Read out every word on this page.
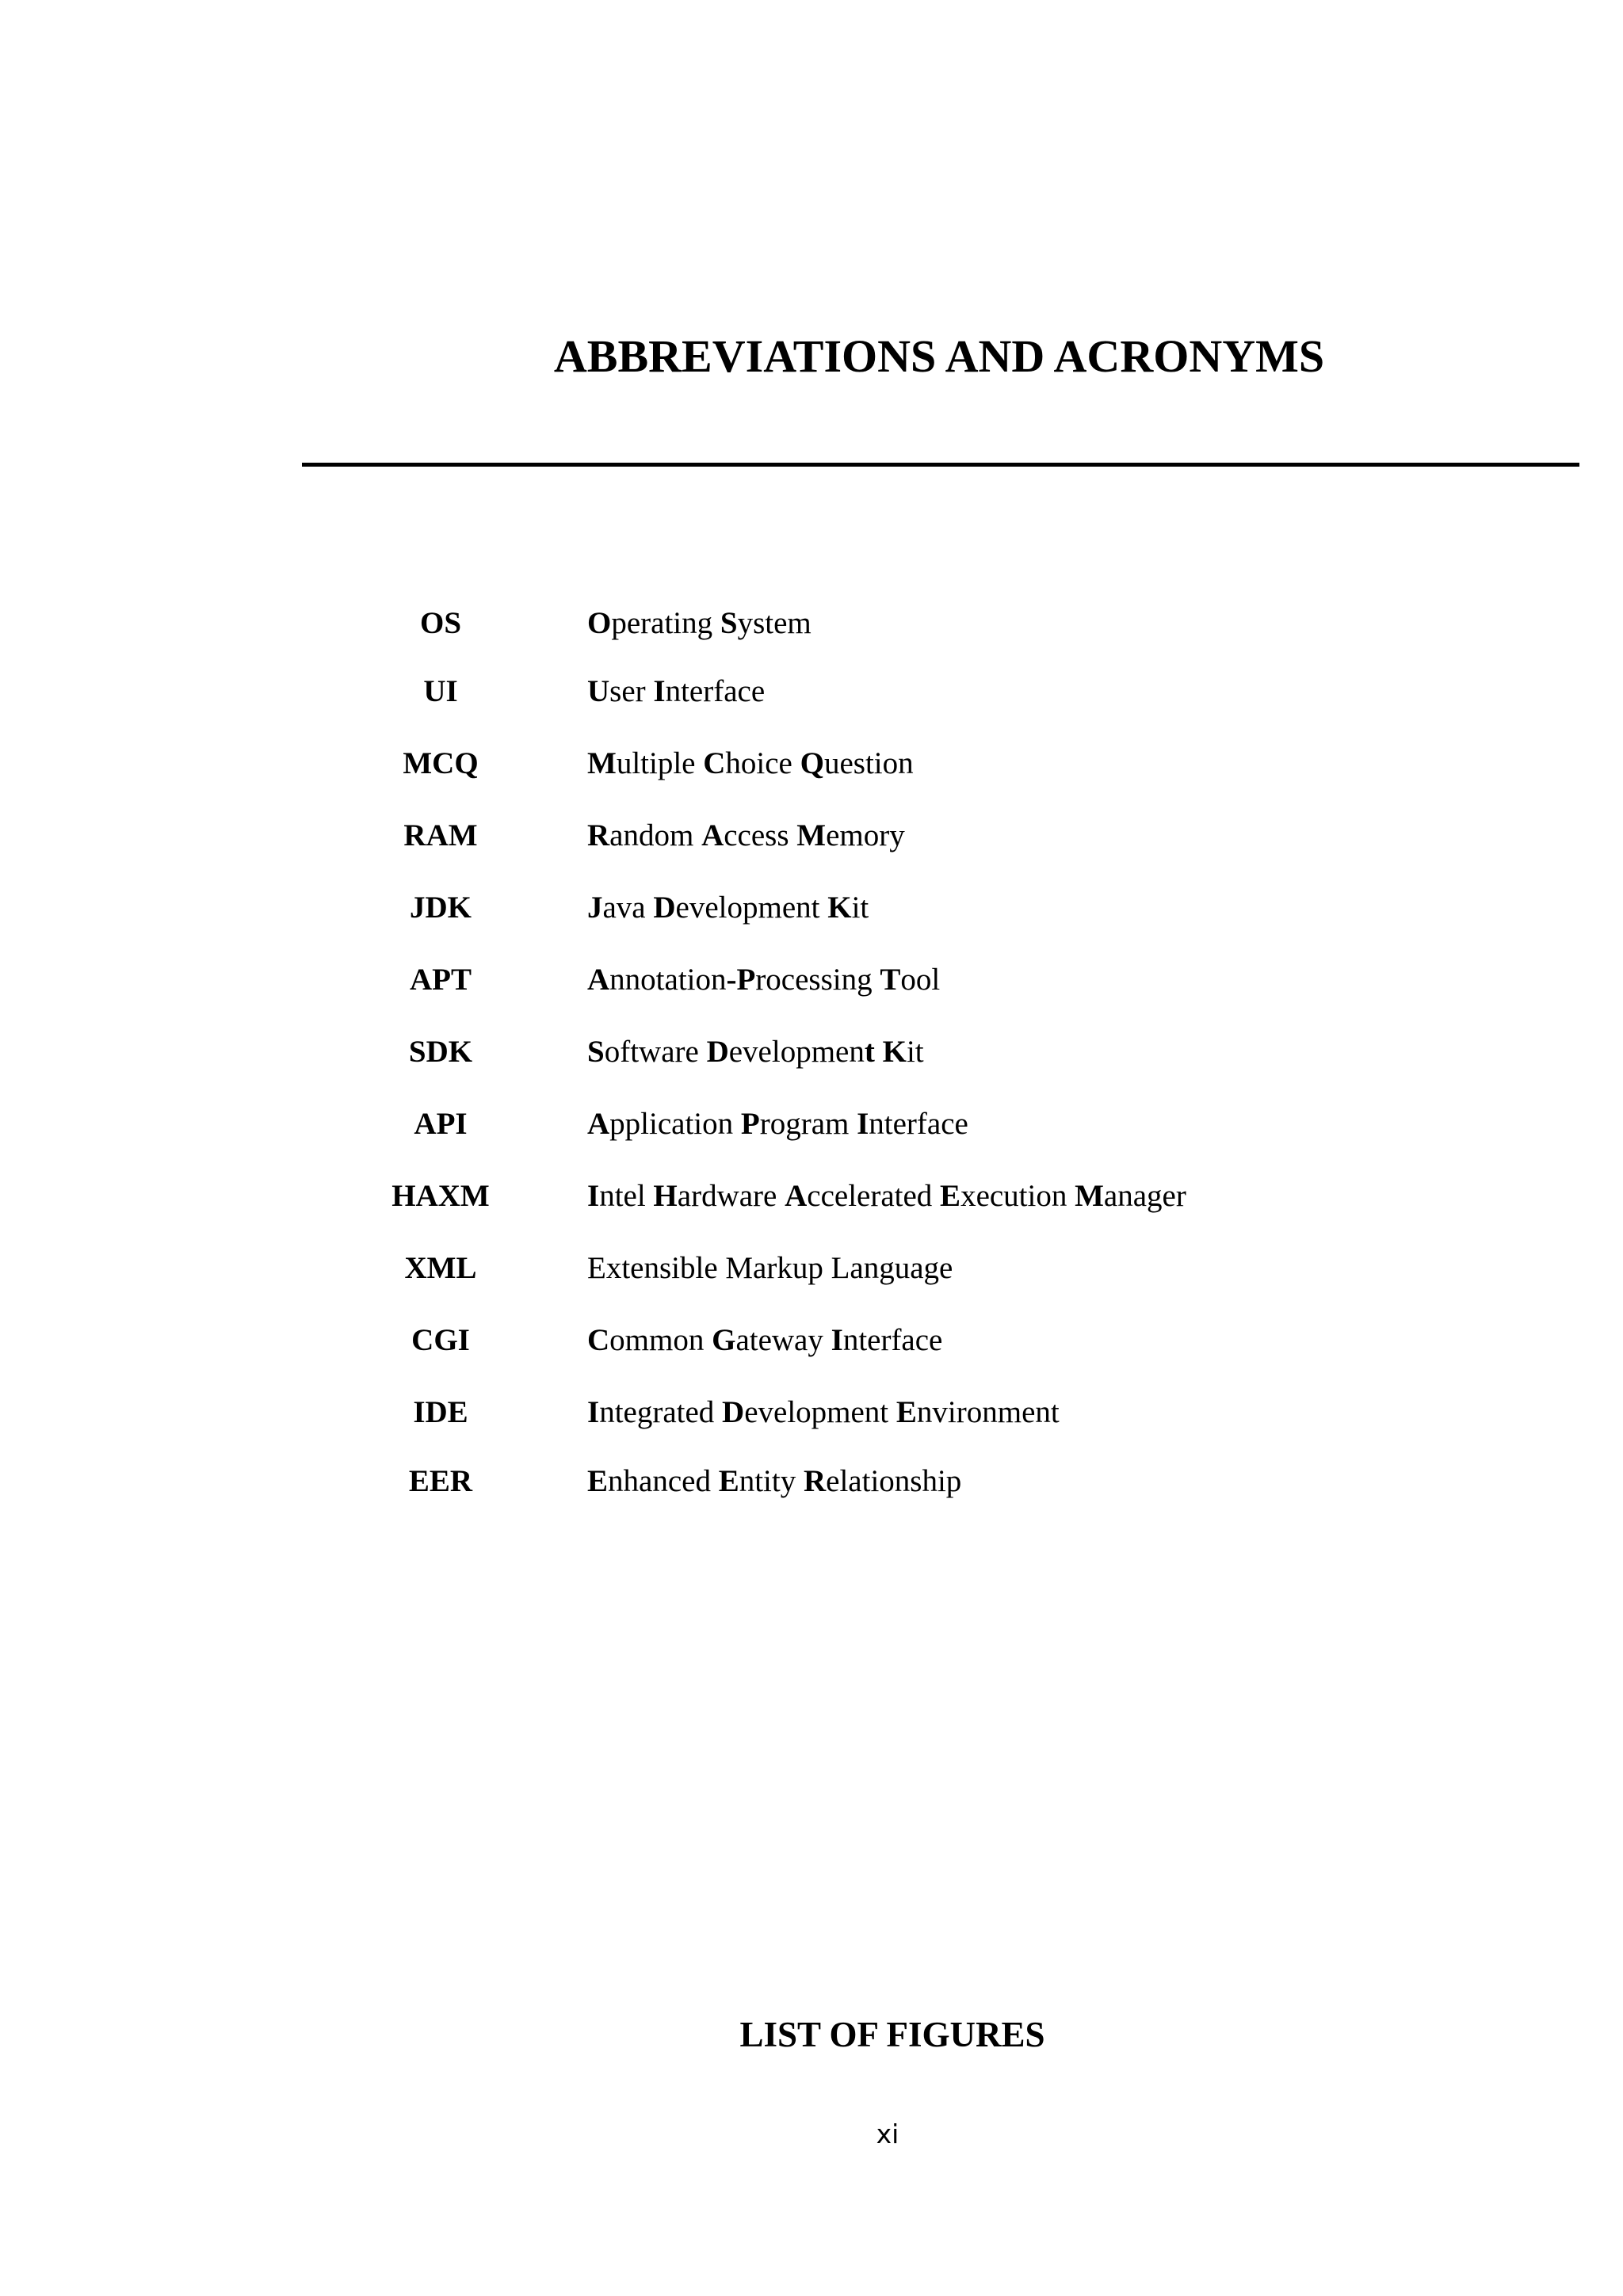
ABBREVIATIONS AND ACRONYMS
OS	Operating System
UI	User Interface
MCQ	Multiple Choice Question
RAM	Random Access Memory
JDK	Java Development Kit
APT	Annotation-Processing Tool
SDK	Software Development Kit
API	Application Program Interface
HAXM	Intel Hardware Accelerated Execution Manager
XML	Extensible Markup Language
CGI	Common Gateway Interface
IDE	Integrated Development Environment
EER	Enhanced Entity Relationship
LIST OF FIGURES
xi
